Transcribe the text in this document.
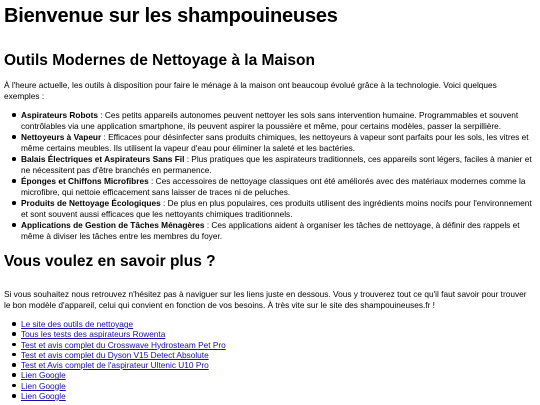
Bienvenue sur les shampouineuses
Outils Modernes de Nettoyage à la Maison

À l'heure actuelle, les outils à disposition pour faire le ménage à la maison ont beaucoup évolué grâce à la technologie. Voici quelques exemples :

Aspirateurs Robots : Ces petits appareils autonomes peuvent nettoyer les sols sans intervention humaine. Programmables et souvent contrôlables via une application smartphone, ils peuvent aspirer la poussière et même, pour certains modèles, passer la serpillière.
Nettoyeurs à Vapeur : Efficaces pour désinfecter sans produits chimiques, les nettoyeurs à vapeur sont parfaits pour les sols, les vitres et même certains meubles. Ils utilisent la vapeur d'eau pour éliminer la saleté et les bactéries.
Balais Électriques et Aspirateurs Sans Fil : Plus pratiques que les aspirateurs traditionnels, ces appareils sont légers, faciles à manier et ne nécessitent pas d'être branchés en permanence.
Éponges et Chiffons Microfibres : Ces accessoires de nettoyage classiques ont été améliorés avec des matériaux modernes comme la microfibre, qui nettoie efficacement sans laisser de traces ni de peluches.
Produits de Nettoyage Écologiques : De plus en plus populaires, ces produits utilisent des ingrédients moins nocifs pour l'environnement et sont souvent aussi efficaces que les nettoyants chimiques traditionnels.
Applications de Gestion de Tâches Ménagères : Ces applications aident à organiser les tâches de nettoyage, à définir des rappels et même à diviser les tâches entre les membres du foyer.
Vous voulez en savoir plus ?

Si vous souhaitez nous retrouvez n'hésitez pas à naviguer sur les liens juste en dessous. Vous y trouverez tout ce qu'il faut savoir pour trouver le bon modèle d'appareil, celui qui convient en fonction de vos besoins. À très vite sur le site des shampouineuses.fr !

Le site des outils de nettoyage
Tous les tests des aspirateurs Rowenta
Test et avis complet du Crosswave Hydrosteam Pet Pro
Test et avis complet du Dyson V15 Detect Absolute
Test et Avis complet de l'aspirateur Ultenic U10 Pro
Lien Google
Lien Google
Lien Google
